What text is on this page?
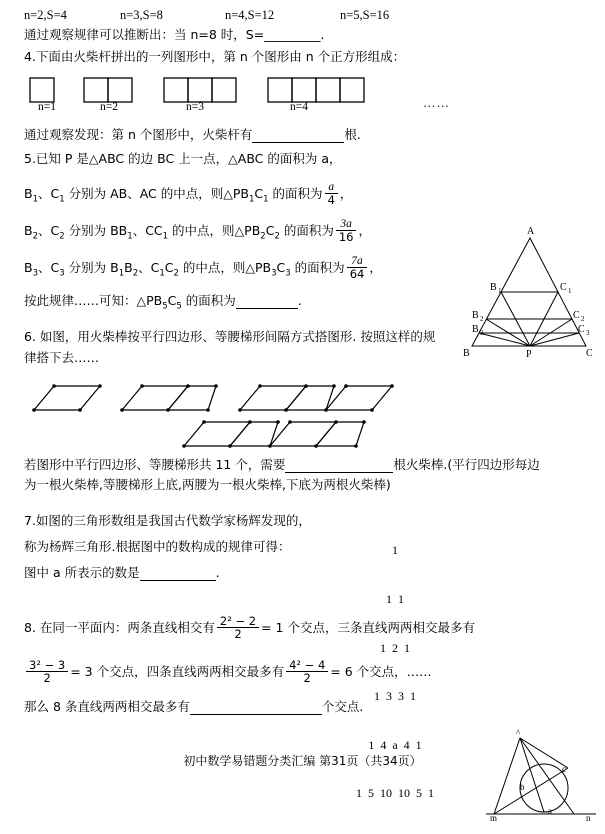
n=2,S=4	n=3,S=8	n=4,S=12	n=5,S=16
通过观察规律可以推断出：当 n=8 时，S=_________.
4.下面由火柴杆拼出的一列图形中，第 n 个图形由 n 个正方形组成：
n=1	n=2	n=3	n=4	……
通过观察发现：第 n 个图形中，火柴杆有	根.
5.已知 P 是△ABC 的边 BC 上一点，△ABC 的面积为 a，
$B_1$、$C_1$ 分别为 AB、AC 的中点，则$\triangle PB_1C_1$ 的面积为 $\frac{a}{4}$ ，
$B_2$、$C_2$ 分别为 $BB_1$、$CC_1$ 的中点，则$\triangle PB_2C_2$ 的面积为 $\frac{3a}{16}$ ，
$B_3$、$C_3$ 分别为 $B_1B_2$、$C_1C_2$ 的中点，则$\triangle PB_3C_3$ 的面积为 $\frac{7a}{64}$ ，
按此规律……可知：$\triangle PB_5C_5$ 的面积为	.
A
B	C
P
B 1	C 1
B 2	C 2
B 3	C 3
6. 如图，用火柴棒按平行四边形、等腰梯形间隔方式搭图形. 按照这样的规
律搭下去……
若图形中平行四边形、等腰梯形共 11 个，需要	根火柴棒.(平行四边形每边
为一根火柴棒,等腰梯形上底,两腰为一根火柴棒,下底为两根火柴棒)
7.如图的三角形数组是我国古代数学家杨辉发现的，
称为杨辉三角形.根据图中的数构成的规律可得：
图中 a 所表示的数是	.

1

1  1

1  2  1

1  3  3  1

1  4  a  4  1

1  5  10  10  5  1

8. 在同一平面内：两条直线相交有 $\frac{\text{2² − 2}}{2} = 1$ 个交点，三条直线两两相交最多有
$\frac{\text{3² − 3}}{2} = 3$ 个交点，四条直线两两相交最多有 $\frac{\text{4² − 4}}{2} = 6$ 个交点，……
那么 8 条直线两两相交最多有	个交点.
^
b
c
a
m	n
初中数学易错题分类汇编 第31页（共34页）
